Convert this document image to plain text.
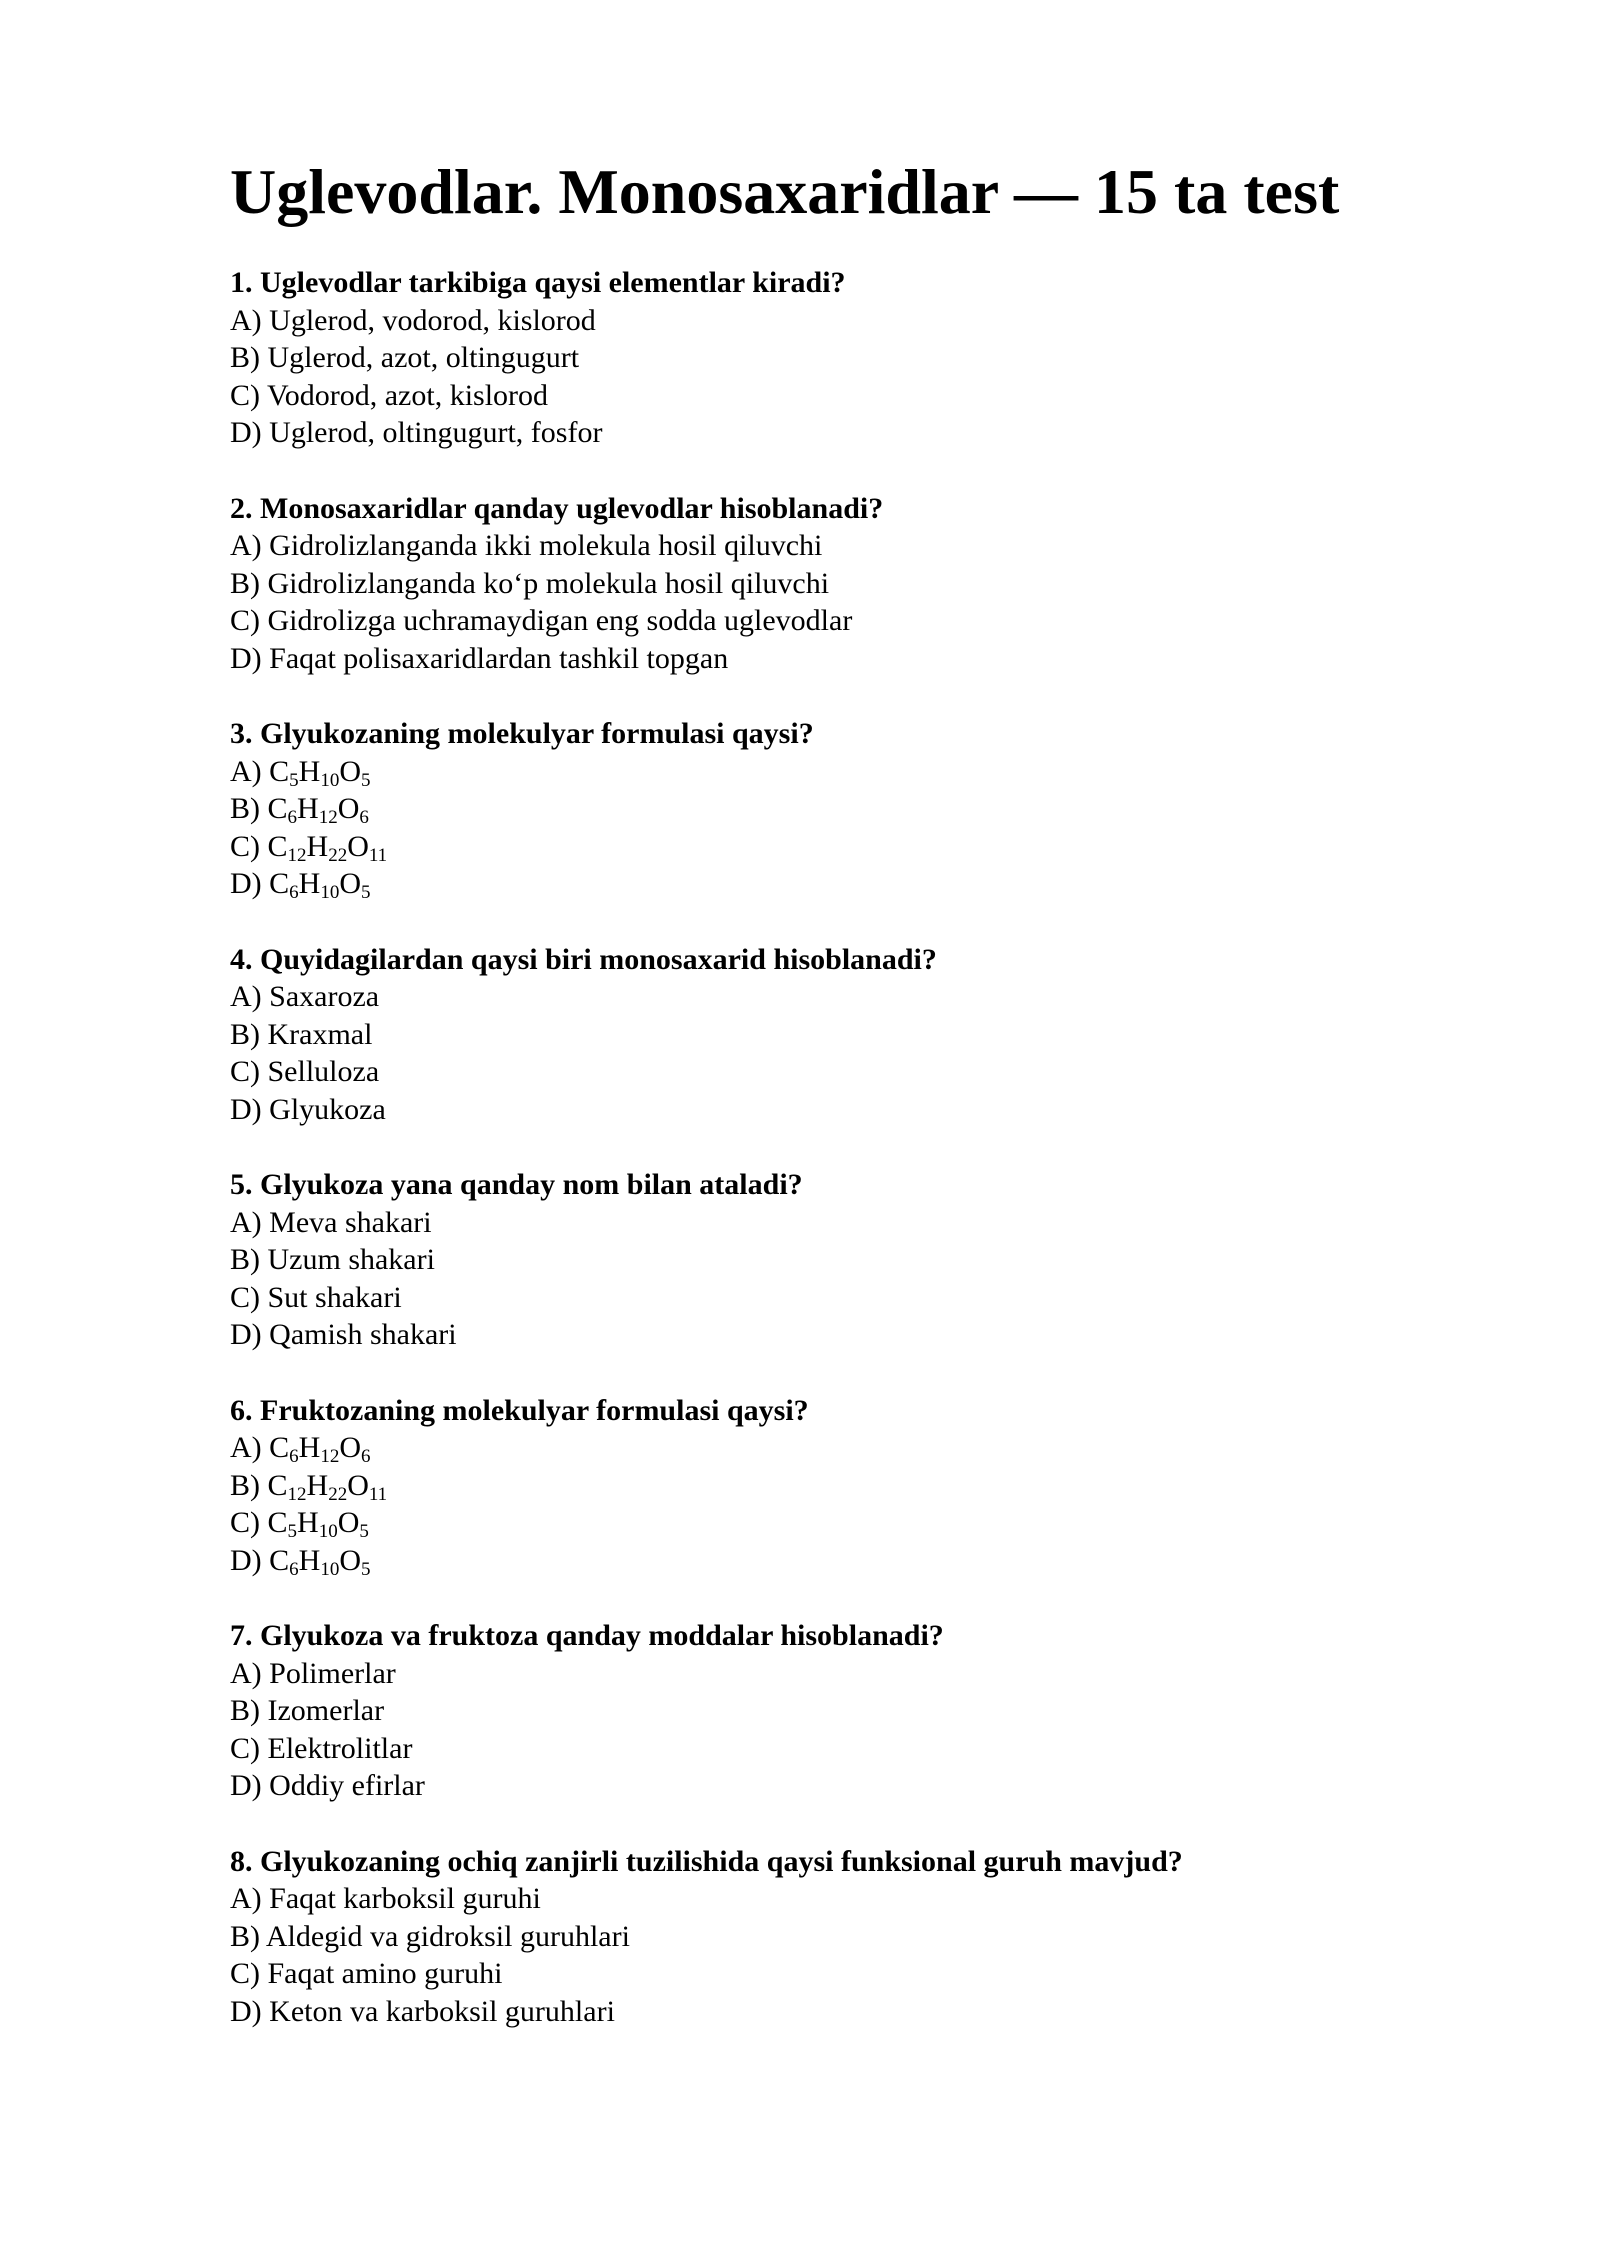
Uglevodlar. Monosaxaridlar — 15 ta test
1. Uglevodlar tarkibiga qaysi elementlar kiradi?
A) Uglerod, vodorod, kislorod
B) Uglerod, azot, oltingugurt
C) Vodorod, azot, kislorod
D) Uglerod, oltingugurt, fosfor
2. Monosaxaridlar qanday uglevodlar hisoblanadi?
A) Gidrolizlanganda ikki molekula hosil qiluvchi
B) Gidrolizlanganda ko‘p molekula hosil qiluvchi
C) Gidrolizga uchramaydigan eng sodda uglevodlar
D) Faqat polisaxaridlardan tashkil topgan
3. Glyukozaning molekulyar formulasi qaysi?
A) $C_5H_{10}O_5$
B) $C_6H_{12}O_6$
C) $C_{12}H_{22}O_{11}$
D) $C_6H_{10}O_5$
4. Quyidagilardan qaysi biri monosaxarid hisoblanadi?
A) Saxaroza
B) Kraxmal
C) Selluloza
D) Glyukoza
5. Glyukoza yana qanday nom bilan ataladi?
A) Meva shakari
B) Uzum shakari
C) Sut shakari
D) Qamish shakari
6. Fruktozaning molekulyar formulasi qaysi?
A) $C_6H_{12}O_6$
B) $C_{12}H_{22}O_{11}$
C) $C_5H_{10}O_5$
D) $C_6H_{10}O_5$
7. Glyukoza va fruktoza qanday moddalar hisoblanadi?
A) Polimerlar
B) Izomerlar
C) Elektrolitlar
D) Oddiy efirlar
8. Glyukozaning ochiq zanjirli tuzilishida qaysi funksional guruh mavjud?
A) Faqat karboksil guruhi
B) Aldegid va gidroksil guruhlari
C) Faqat amino guruhi
D) Keton va karboksil guruhlari
